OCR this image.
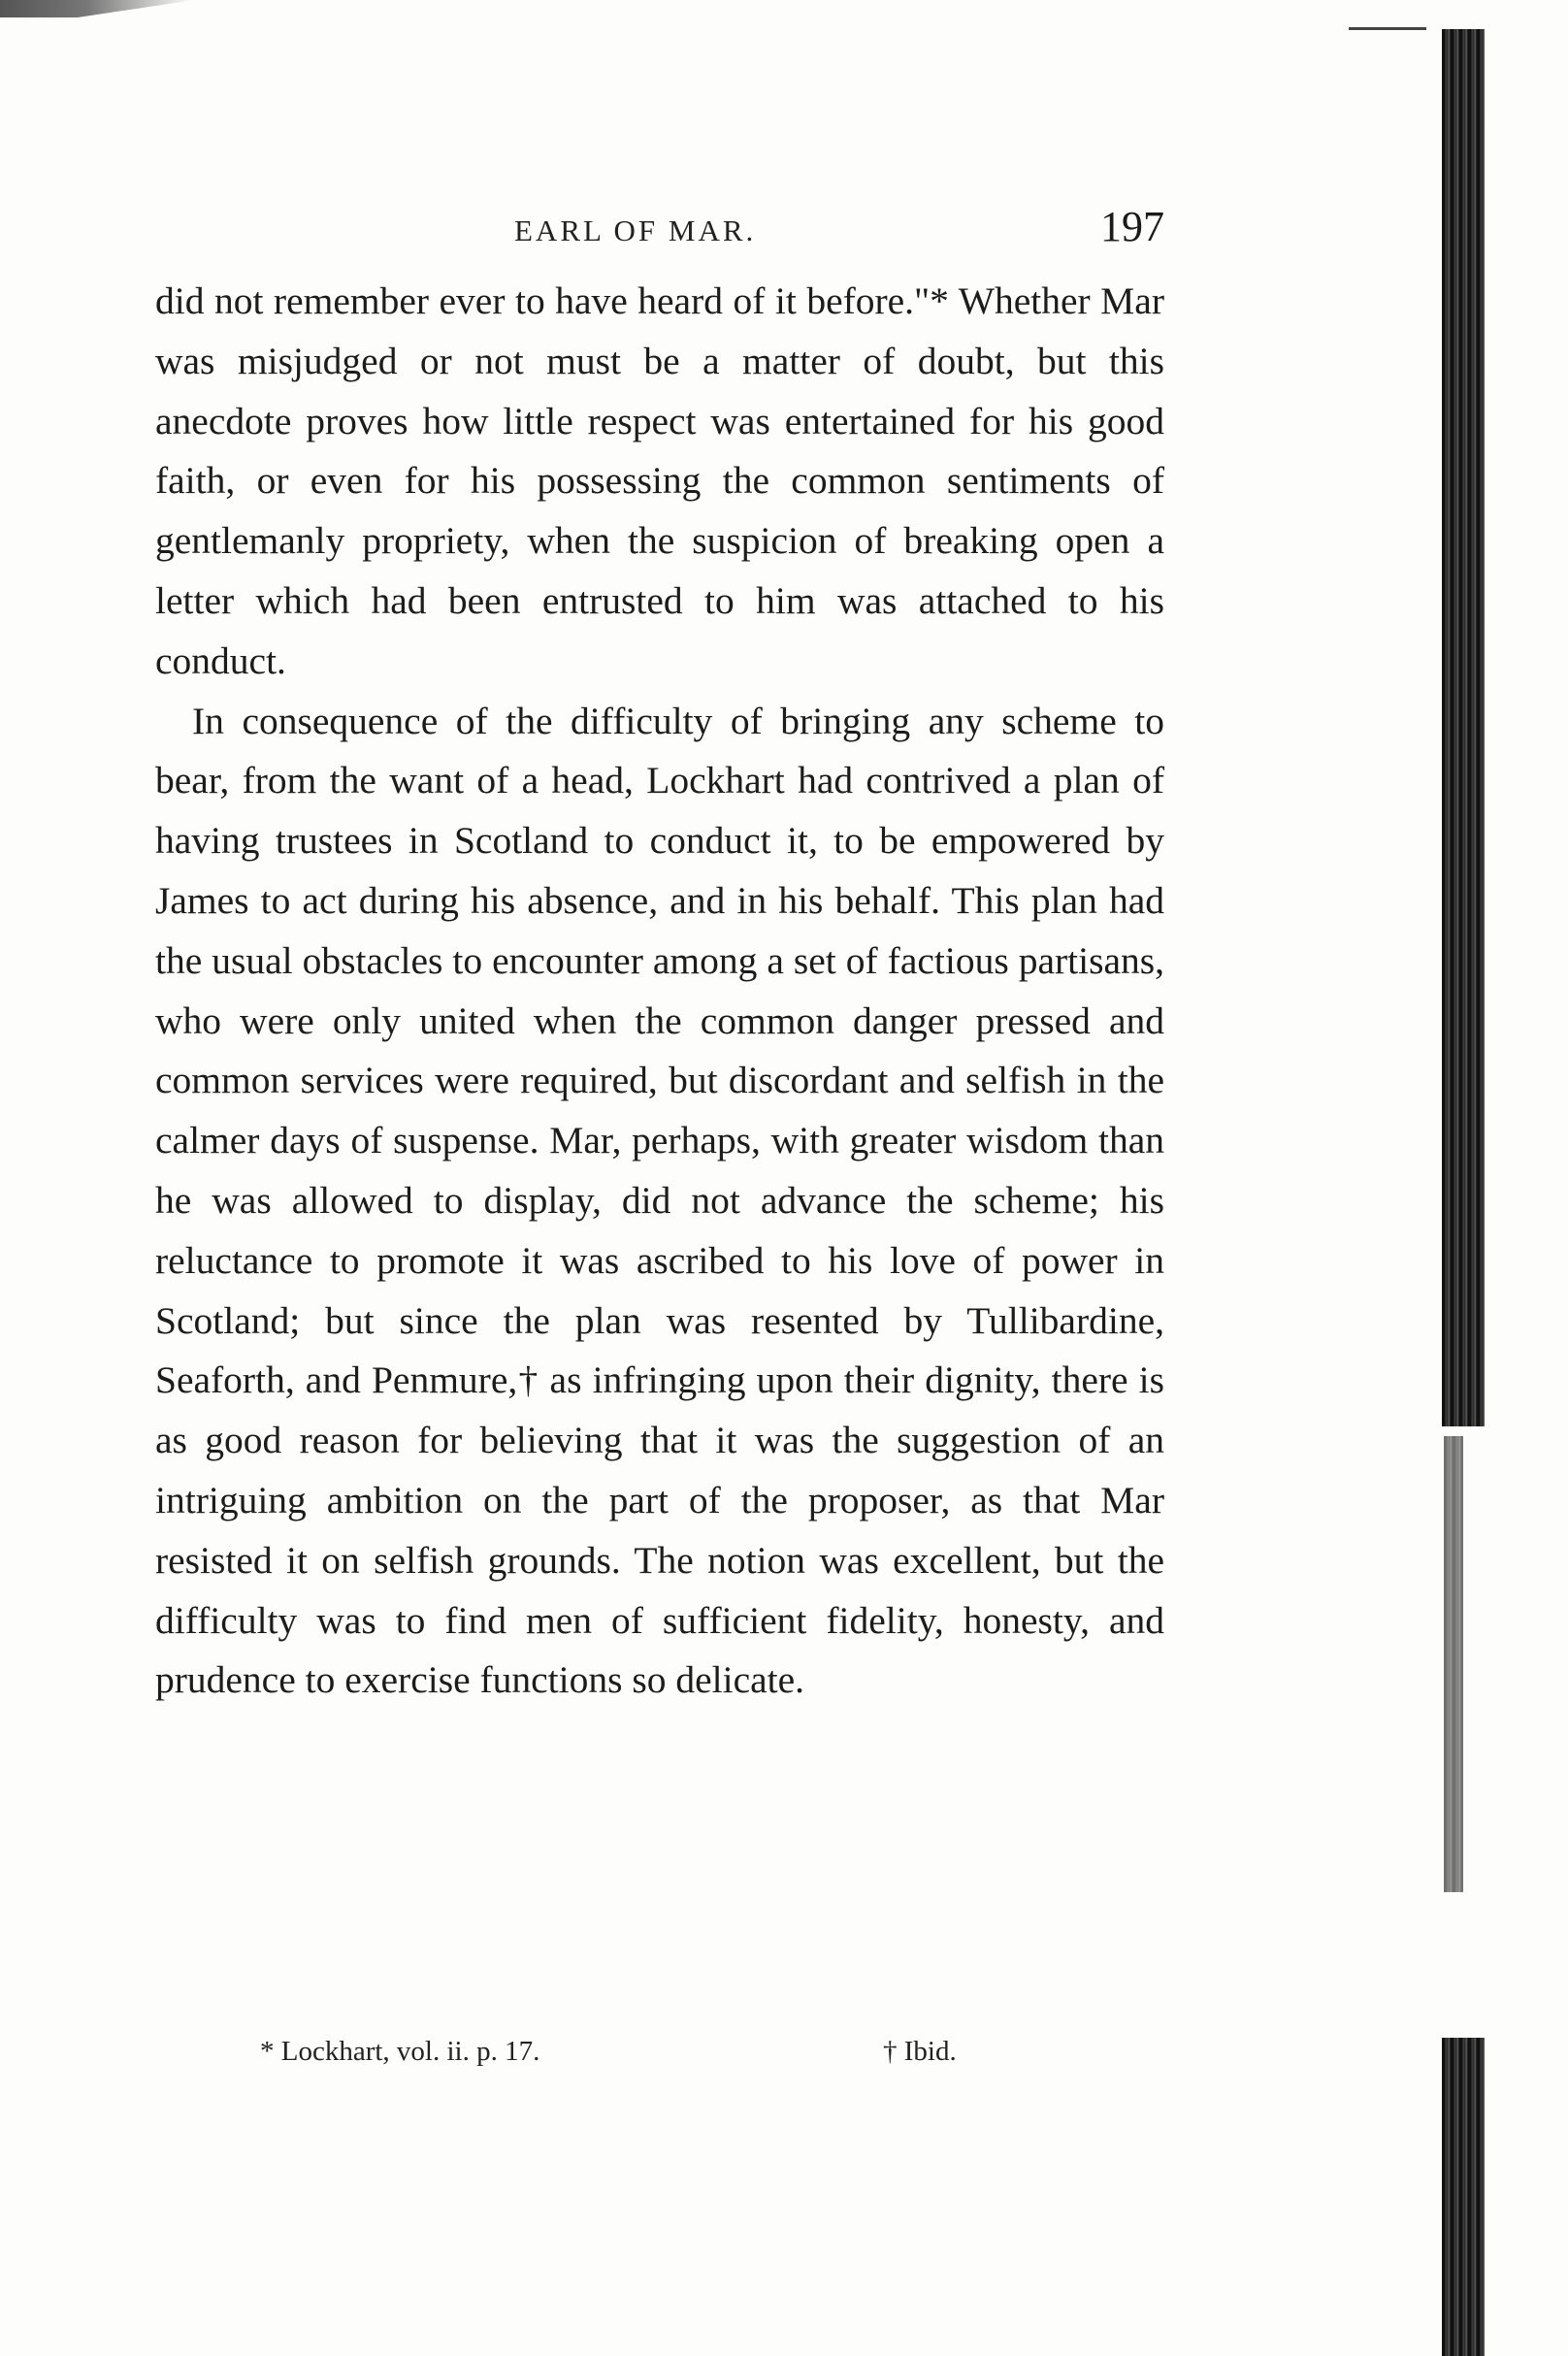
EARL OF MAR.	197

did not remember ever to have heard of it before."* Whether Mar was misjudged or not must be a matter of doubt, but this anecdote proves how little respect was entertained for his good faith, or even for his possessing the common sentiments of gentlemanly propriety, when the suspicion of breaking open a letter which had been entrusted to him was attached to his conduct.

In consequence of the difficulty of bringing any scheme to bear, from the want of a head, Lockhart had contrived a plan of having trustees in Scotland to conduct it, to be empowered by James to act during his absence, and in his behalf. This plan had the usual obstacles to encounter among a set of factious partisans, who were only united when the common danger pressed and common services were required, but discordant and selfish in the calmer days of suspense. Mar, perhaps, with greater wisdom than he was allowed to display, did not advance the scheme; his reluctance to promote it was ascribed to his love of power in Scotland; but since the plan was resented by Tullibardine, Seaforth, and Penmure,† as infringing upon their dignity, there is as good reason for believing that it was the suggestion of an intriguing ambition on the part of the proposer, as that Mar resisted it on selfish grounds. The notion was excellent, but the difficulty was to find men of sufficient fidelity, honesty, and prudence to exercise functions so delicate.

* Lockhart, vol. ii. p. 17.	† Ibid.
